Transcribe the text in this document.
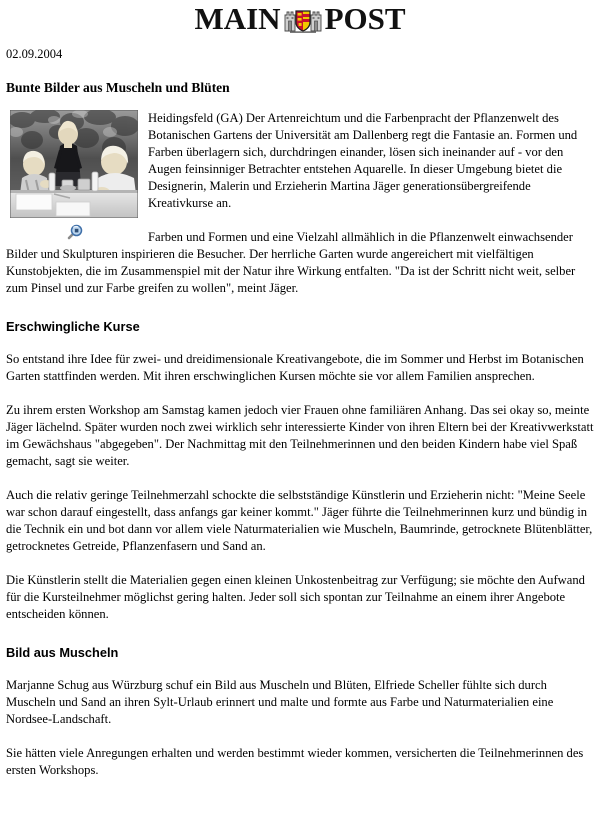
MAIN POST
02.09.2004
Bunte Bilder aus Muscheln und Blüten

Heidingsfeld (GA) Der Artenreichtum und die Farbenpracht der Pflanzenwelt des Botanischen Gartens der Universität am Dallenberg regt die Fantasie an. Formen und Farben überlagern sich, durchdringen einander, lösen sich ineinander auf - vor den Augen feinsinniger Betrachter entstehen Aquarelle. In dieser Umgebung bietet die Designerin, Malerin und Erzieherin Martina Jäger generationsübergreifende Kreativkurse an.

Farben und Formen und eine Vielzahl allmählich in die Pflanzenwelt einwachsender Bilder und Skulpturen inspirieren die Besucher. Der herrliche Garten wurde angereichert mit vielfältigen Kunstobjekten, die im Zusammenspiel mit der Natur ihre Wirkung entfalten. "Da ist der Schritt nicht weit, selber zum Pinsel und zur Farbe greifen zu wollen", meint Jäger.

Erschwingliche Kurse

So entstand ihre Idee für zwei- und dreidimensionale Kreativangebote, die im Sommer und Herbst im Botanischen Garten stattfinden werden. Mit ihren erschwinglichen Kursen möchte sie vor allem Familien ansprechen.

Zu ihrem ersten Workshop am Samstag kamen jedoch vier Frauen ohne familiären Anhang. Das sei okay so, meinte Jäger lächelnd. Später wurden noch zwei wirklich sehr interessierte Kinder von ihren Eltern bei der Kreativwerkstatt im Gewächshaus "abgegeben". Der Nachmittag mit den Teilnehmerinnen und den beiden Kindern habe viel Spaß gemacht, sagt sie weiter.

Auch die relativ geringe Teilnehmerzahl schockte die selbstständige Künstlerin und Erzieherin nicht: "Meine Seele war schon darauf eingestellt, dass anfangs gar keiner kommt." Jäger führte die Teilnehmerinnen kurz und bündig in die Technik ein und bot dann vor allem viele Naturmaterialien wie Muscheln, Baumrinde, getrocknete Blütenblätter, getrocknetes Getreide, Pflanzenfasern und Sand an.

Die Künstlerin stellt die Materialien gegen einen kleinen Unkostenbeitrag zur Verfügung; sie möchte den Aufwand für die Kursteilnehmer möglichst gering halten. Jeder soll sich spontan zur Teilnahme an einem ihrer Angebote entscheiden können.

Bild aus Muscheln

Marjanne Schug aus Würzburg schuf ein Bild aus Muscheln und Blüten, Elfriede Scheller fühlte sich durch Muscheln und Sand an ihren Sylt-Urlaub erinnert und malte und formte aus Farbe und Naturmaterialien eine Nordsee-Landschaft.

Sie hätten viele Anregungen erhalten und werden bestimmt wieder kommen, versicherten die Teilnehmerinnen des ersten Workshops.
